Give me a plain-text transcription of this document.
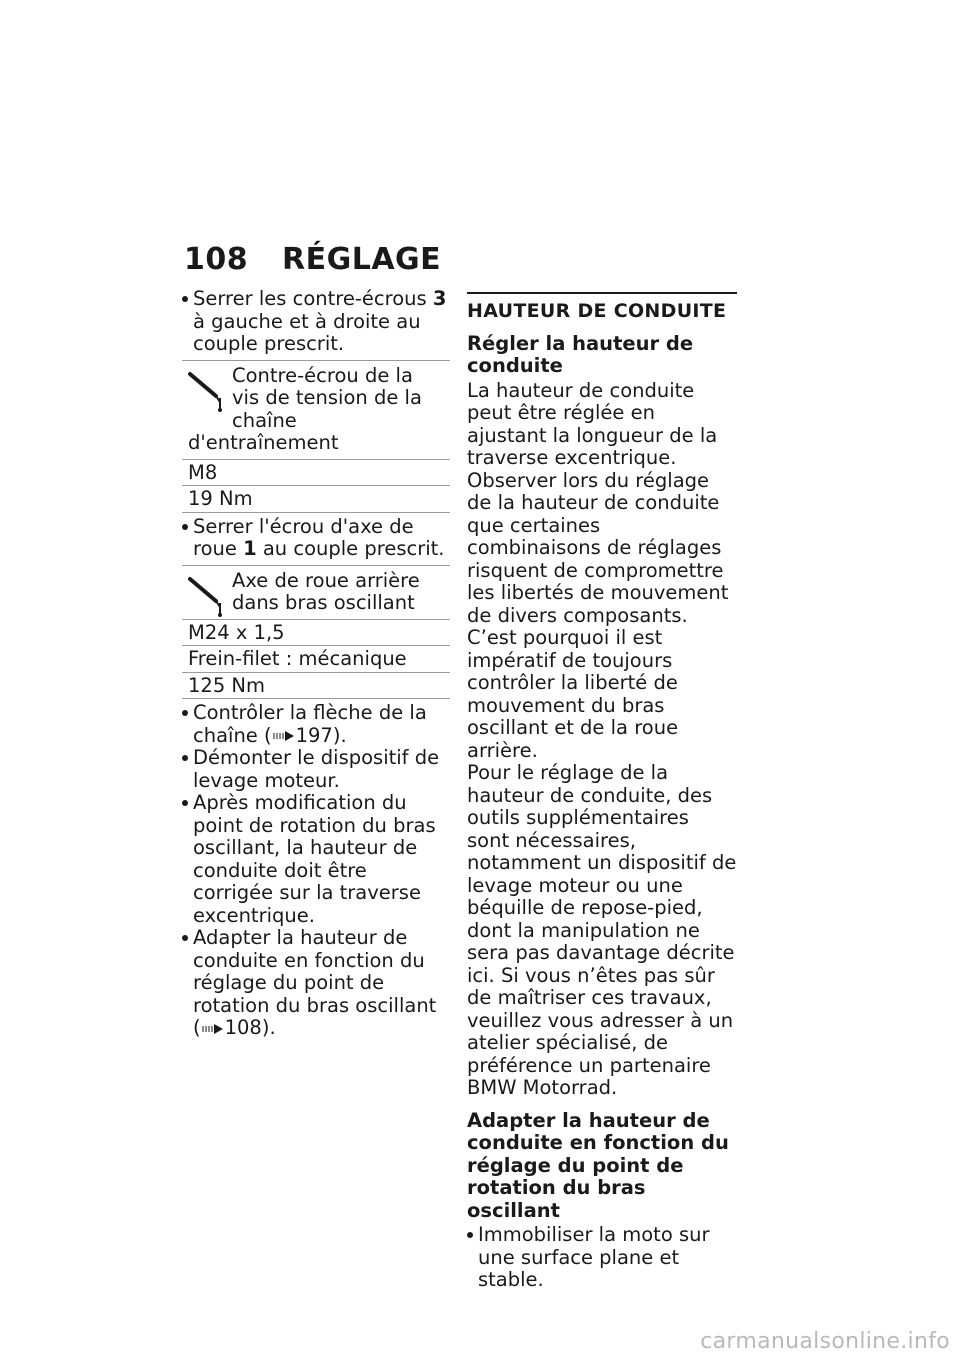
108 RÉGLAGE

Serrer les contre-écrous 3 à gauche et à droite au couple prescrit.

Contre-écrou de la vis de tension de la chaîne
d'entraînement
M8
19 Nm

Serrer l'écrou d'axe de roue 1 au couple prescrit.

Axe de roue arrière dans bras oscillant
M24 x 1,5
Frein-filet : mécanique
125 Nm

Contrôler la flèche de la chaîne ( 197).

Démonter le dispositif de levage moteur.

Après modification du point de rotation du bras oscillant, la hauteur de conduite doit être corrigée sur la traverse excentrique.

Adapter la hauteur de conduite en fonction du réglage du point de rotation du bras oscillant ( 108).

HAUTEUR DE CONDUITE
Régler la hauteur de conduite

La hauteur de conduite peut être réglée en ajustant la longueur de la traverse excentrique.

Observer lors du réglage de la hauteur de conduite que certaines combinaisons de réglages risquent de compromettre les libertés de mouvement de divers composants. C’est pourquoi il est impératif de toujours contrôler la liberté de mouvement du bras oscillant et de la roue arrière.

Pour le réglage de la hauteur de conduite, des outils supplémentaires sont nécessaires, notamment un dispositif de levage moteur ou une béquille de repose-pied, dont la manipulation ne sera pas davantage décrite ici. Si vous n’êtes pas sûr de maîtriser ces travaux, veuillez vous adresser à un atelier spécialisé, de préférence un partenaire BMW Motorrad.

Adapter la hauteur de conduite en fonction du réglage du point de rotation du bras oscillant

Immobiliser la moto sur une surface plane et stable.

carmanualsonline.info
